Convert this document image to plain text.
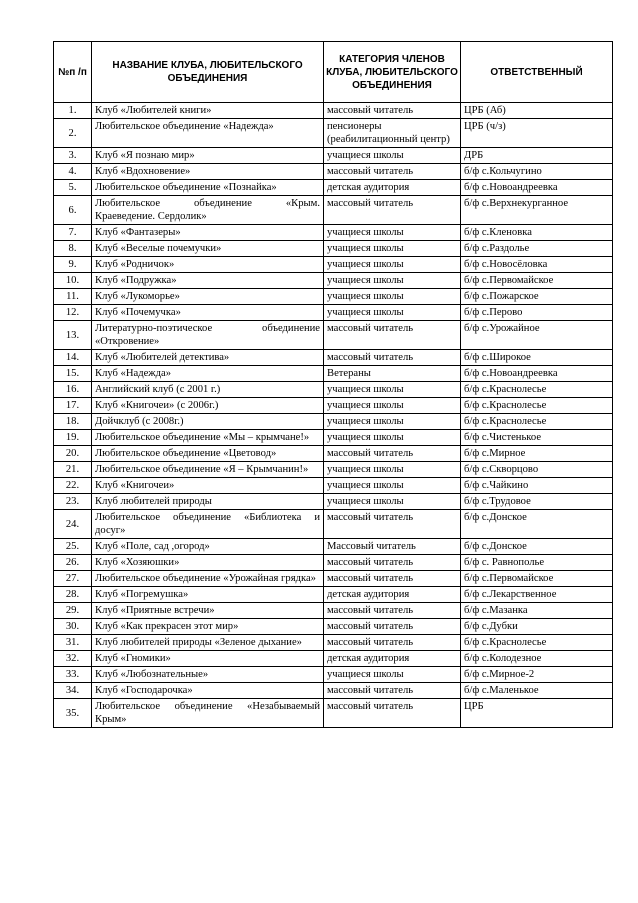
№п /п	НАЗВАНИЕ КЛУБА, ЛЮБИТЕЛЬСКОГО ОБЪЕДИНЕНИЯ	КАТЕГОРИЯ ЧЛЕНОВ КЛУБА, ЛЮБИТЕЛЬСКОГО ОБЪЕДИНЕНИЯ	ОТВЕТСТВЕННЫЙ
1.	Клуб «Любителей книги»	массовый читатель	ЦРБ (Аб)
2.	Любительское объединение «Надежда»	пенсионеры (реабилитационный центр)	ЦРБ (ч/з)
3.	Клуб «Я познаю мир»	учащиеся школы	ДРБ
4.	Клуб «Вдохновение»	массовый читатель	б/ф с.Кольчугино
5.	Любительское объединение «Познайка»	детская аудитория	б/ф с.Новоандреевка
6.	Любительское объединение «Крым. Краеведение. Сердолик»	массовый читатель	б/ф с.Верхнекурганное
7.	Клуб «Фантазеры»	учащиеся школы	б/ф с.Кленовка
8.	Клуб «Веселые почемучки»	учащиеся школы	б/ф с.Раздолье
9.	Клуб «Родничок»	учащиеся школы	б/ф с.Новосёловка
10.	Клуб «Подружка»	учащиеся школы	б/ф с.Первомайское
11.	Клуб «Лукоморье»	учащиеся школы	б/ф с.Пожарское
12.	Клуб «Почемучка»	учащиеся школы	б/ф с.Перово
13.	Литературно-поэтическое объединение «Откровение»	массовый читатель	б/ф с.Урожайное
14.	Клуб «Любителей детектива»	массовый читатель	б/ф с.Широкое
15.	Клуб «Надежда»	Ветераны	б/ф с.Новоандреевка
16.	Английский клуб (с 2001 г.)	учащиеся школы	б/ф с.Краснолесье
17.	Клуб «Книгочеи» (с 2006г.)	учащиеся школы	б/ф с.Краснолесье
18.	Дойчклуб (с 2008г.)	учащиеся школы	б/ф с.Краснолесье
19.	Любительское объединение «Мы – крымчане!»	учащиеся школы	б/ф с.Чистенькое
20.	Любительское объединение «Цветовод»	массовый читатель	б/ф с.Мирное
21.	Любительское объединение «Я – Крымчанин!»	учащиеся школы	б/ф с.Скворцово
22.	Клуб «Книгочеи»	учащиеся школы	б/ф с.Чайкино
23.	Клуб любителей природы	учащиеся школы	б/ф с.Трудовое
24.	Любительское объединение «Библиотека и досуг»	массовый читатель	б/ф с.Донское
25.	Клуб «Поле, сад ,огород»	Массовый читатель	б/ф с.Донское
26.	Клуб «Хозяюшки»	массовый читатель	б/ф с. Равнополье
27.	Любительское объединение «Урожайная грядка»	массовый читатель	б/ф с.Первомайское
28.	Клуб «Погремушка»	детская аудитория	б/ф с.Лекарственное
29.	Клуб «Приятные встречи»	массовый читатель	б/ф с.Мазанка
30.	Клуб «Как прекрасен этот мир»	массовый читатель	б/ф с.Дубки
31.	Клуб любителей природы «Зеленое дыхание»	массовый читатель	б/ф с.Краснолесье
32.	Клуб «Гномики»	детская аудитория	б/ф с.Колодезное
33.	Клуб «Любознательные»	учащиеся школы	б/ф с.Мирное-2
34.	Клуб «Господарочка»	массовый читатель	б/ф с.Маленькое
35.	Любительское объединение «Незабываемый Крым»	массовый читатель	ЦРБ
